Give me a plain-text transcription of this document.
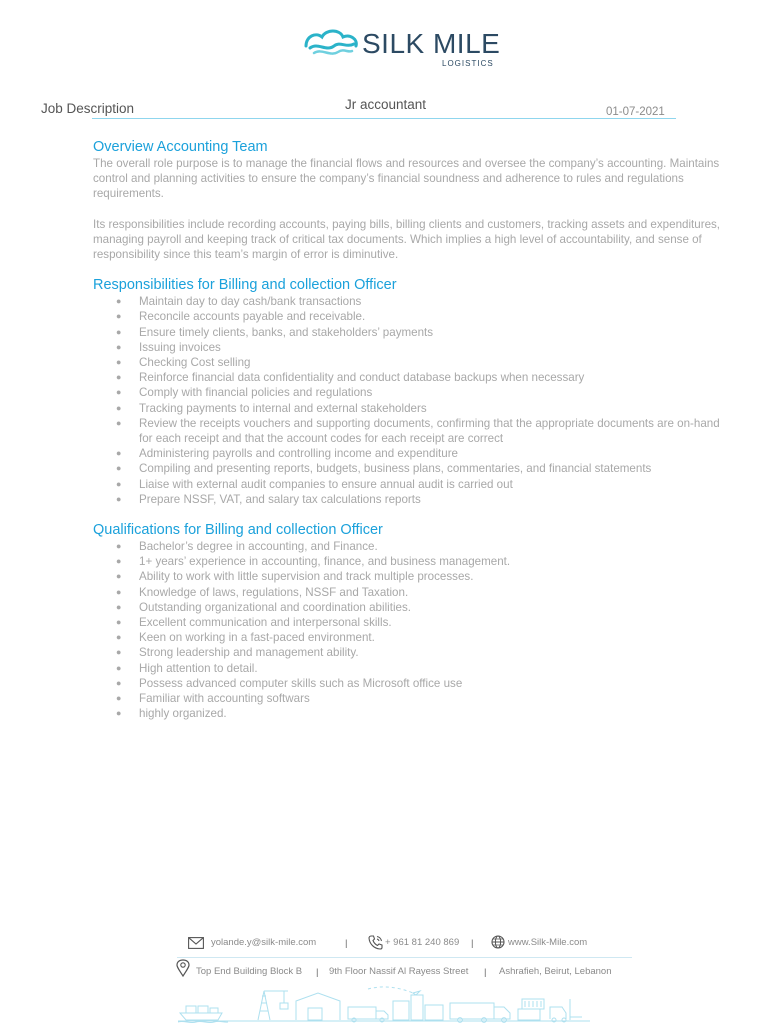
SILK MILE
LOGISTICS
Job Description	Jr accountant	01-07-2021
Overview Accounting Team

The overall role purpose is to manage the financial flows and resources and oversee the company’s accounting. Maintains control and planning activities to ensure the company’s financial soundness and adherence to rules and regulations requirements.

Its responsibilities include recording accounts, paying bills, billing clients and customers, tracking assets and expenditures, managing payroll and keeping track of critical tax documents. Which implies a high level of accountability, and sense of responsibility since this team’s margin of error is diminutive.

Responsibilities for Billing and collection Officer
● Maintain day to day cash/bank transactions
● Reconcile accounts payable and receivable.
● Ensure timely clients, banks, and stakeholders’ payments
● Issuing invoices
● Checking Cost selling
● Reinforce financial data confidentiality and conduct database backups when necessary
● Comply with financial policies and regulations
● Tracking payments to internal and external stakeholders
● Review the receipts vouchers and supporting documents, confirming that the appropriate documents are on-hand for each receipt and that the account codes for each receipt are correct
● Administering payrolls and controlling income and expenditure
● Compiling and presenting reports, budgets, business plans, commentaries, and financial statements
● Liaise with external audit companies to ensure annual audit is carried out
● Prepare NSSF, VAT, and salary tax calculations reports
Qualifications for Billing and collection Officer
● Bachelor’s degree in accounting, and Finance.
● 1+ years’ experience in accounting, finance, and business management.
● Ability to work with little supervision and track multiple processes.
● Knowledge of laws, regulations, NSSF and Taxation.
● Outstanding organizational and coordination abilities.
● Excellent communication and interpersonal skills.
● Keen on working in a fast-paced environment.
● Strong leadership and management ability.
● High attention to detail.
● Possess advanced computer skills such as Microsoft office use
● Familiar with accounting softwars
● highly organized.
yolande.y@silk-mile.com	|	+ 961 81 240 869 |	www.Silk-Mile.com
Top End Building Block B | 9th Floor Nassif Al Rayess Street | Ashrafieh, Beirut, Lebanon
